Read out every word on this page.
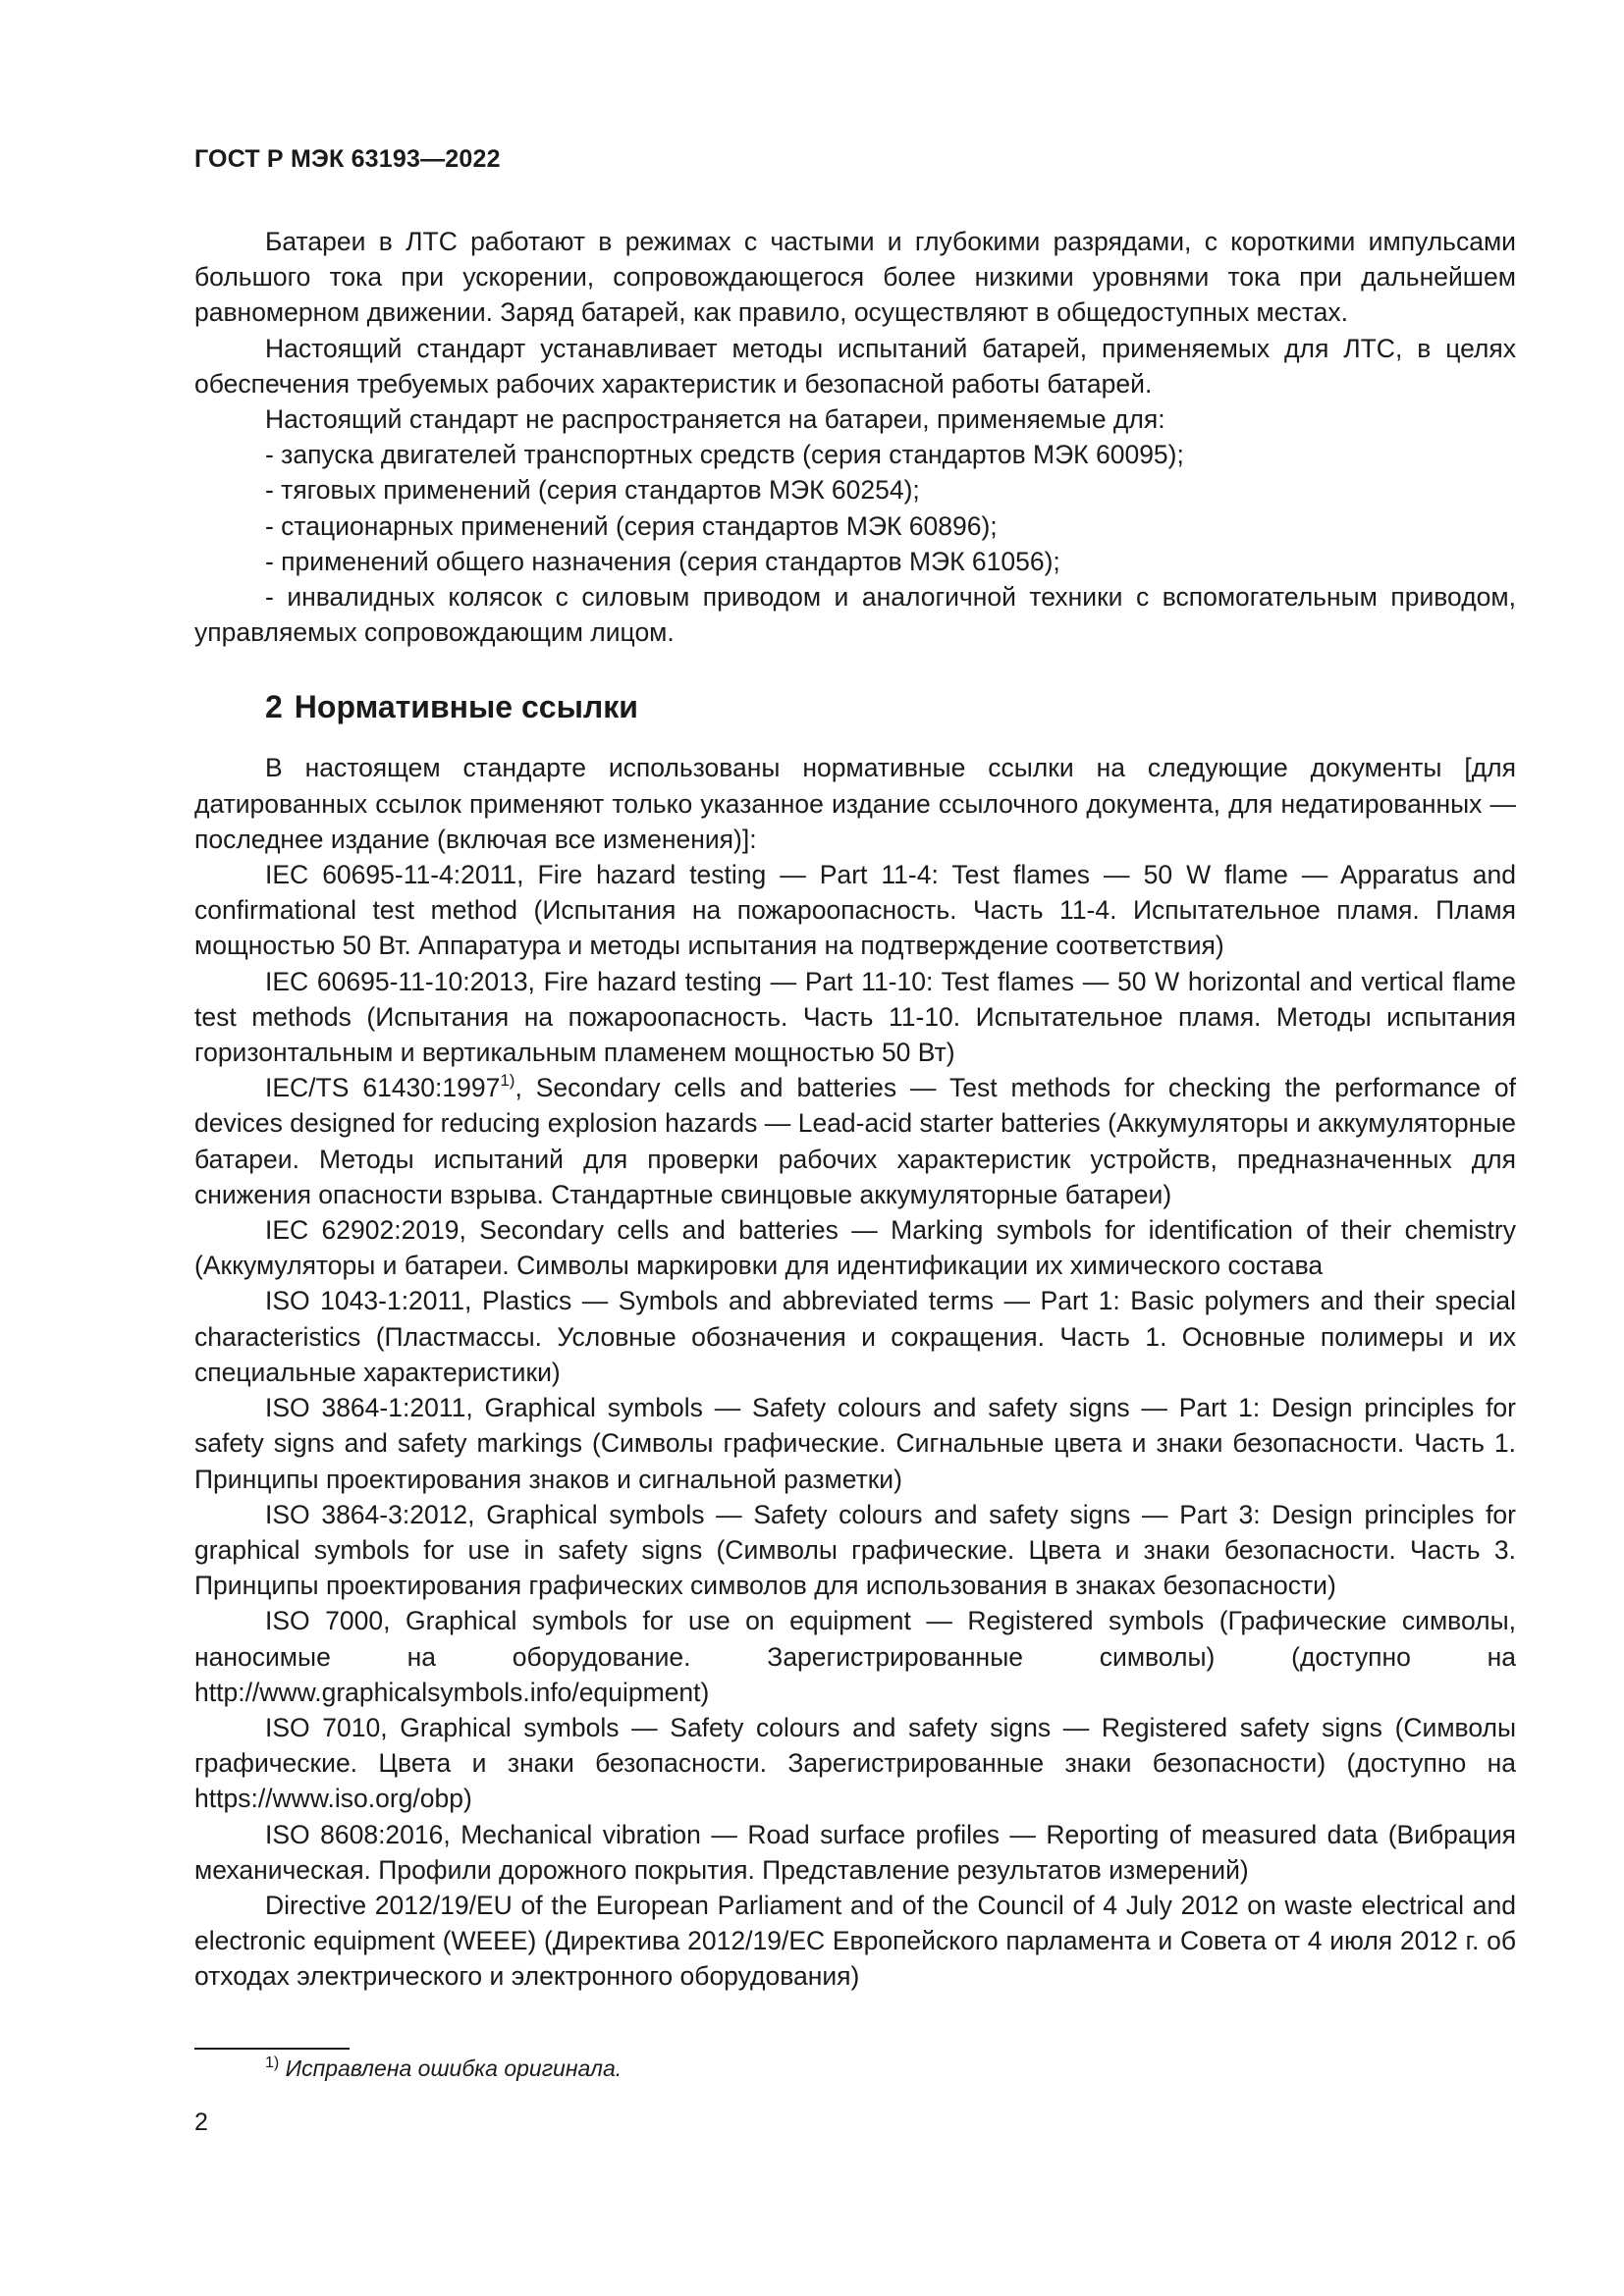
ГОСТ Р МЭК 63193—2022

Батареи в ЛТС работают в режимах с частыми и глубокими разрядами, с короткими импульсами большого тока при ускорении, сопровождающегося более низкими уровнями тока при дальнейшем равномерном движении. Заряд батарей, как правило, осуществляют в общедоступных местах.

Настоящий стандарт устанавливает методы испытаний батарей, применяемых для ЛТС, в целях обеспечения требуемых рабочих характеристик и безопасной работы батарей.

Настоящий стандарт не распространяется на батареи, применяемые для:

- запуска двигателей транспортных средств (серия стандартов МЭК 60095);

- тяговых применений (серия стандартов МЭК 60254);

- стационарных применений (серия стандартов МЭК 60896);

- применений общего назначения (серия стандартов МЭК 61056);

- инвалидных колясок с силовым приводом и аналогичной техники с вспомогательным приводом, управляемых сопровождающим лицом.

2 Нормативные ссылки

В настоящем стандарте использованы нормативные ссылки на следующие документы [для датированных ссылок применяют только указанное издание ссылочного документа, для недатированных — последнее издание (включая все изменения)]:

IEC 60695-11-4:2011, Fire hazard testing — Part 11-4: Test flames — 50 W flame — Apparatus and confirmational test method (Испытания на пожароопасность. Часть 11-4. Испытательное пламя. Пламя мощностью 50 Вт. Аппаратура и методы испытания на подтверждение соответствия)

IEC 60695-11-10:2013, Fire hazard testing — Part 11-10: Test flames — 50 W horizontal and vertical flame test methods (Испытания на пожароопасность. Часть 11-10. Испытательное пламя. Методы испытания горизонтальным и вертикальным пламенем мощностью 50 Вт)

IEC/TS 61430:1997$^{1)}$, Secondary cells and batteries — Test methods for checking the performance of devices designed for reducing explosion hazards — Lead-acid starter batteries (Аккумуляторы и аккумуляторные батареи. Методы испытаний для проверки рабочих характеристик устройств, предназначенных для снижения опасности взрыва. Стандартные свинцовые аккумуляторные батареи)

IEC 62902:2019, Secondary cells and batteries — Marking symbols for identification of their chemistry (Аккумуляторы и батареи. Символы маркировки для идентификации их химического состава

ISO 1043-1:2011, Plastics — Symbols and abbreviated terms — Part 1: Basic polymers and their special characteristics (Пластмассы. Условные обозначения и сокращения. Часть 1. Основные полимеры и их специальные характеристики)

ISO 3864-1:2011, Graphical symbols — Safety colours and safety signs — Part 1: Design principles for safety signs and safety markings (Символы графические. Сигнальные цвета и знаки безопасности. Часть 1. Принципы проектирования знаков и сигнальной разметки)

ISO 3864-3:2012, Graphical symbols — Safety colours and safety signs — Part 3: Design principles for graphical symbols for use in safety signs (Символы графические. Цвета и знаки безопасности. Часть 3. Принципы проектирования графических символов для использования в знаках безопасности)

ISO 7000, Graphical symbols for use on equipment — Registered symbols (Графические символы, наносимые на оборудование. Зарегистрированные символы) (доступно на http://www.graphicalsymbols.info/equipment)

ISO 7010, Graphical symbols — Safety colours and safety signs — Registered safety signs (Символы графические. Цвета и знаки безопасности. Зарегистрированные знаки безопасности) (доступно на https://www.iso.org/obp)

ISO 8608:2016, Mechanical vibration — Road surface profiles — Reporting of measured data (Вибрация механическая. Профили дорожного покрытия. Представление результатов измерений)

Directive 2012/19/EU of the European Parliament and of the Council of 4 July 2012 on waste electrical and electronic equipment (WEEE) (Директива 2012/19/EC Европейского парламента и Совета от 4 июля 2012 г. об отходах электрического и электронного оборудования)

$^{1)}$ Исправлена ошибка оригинала.
2
